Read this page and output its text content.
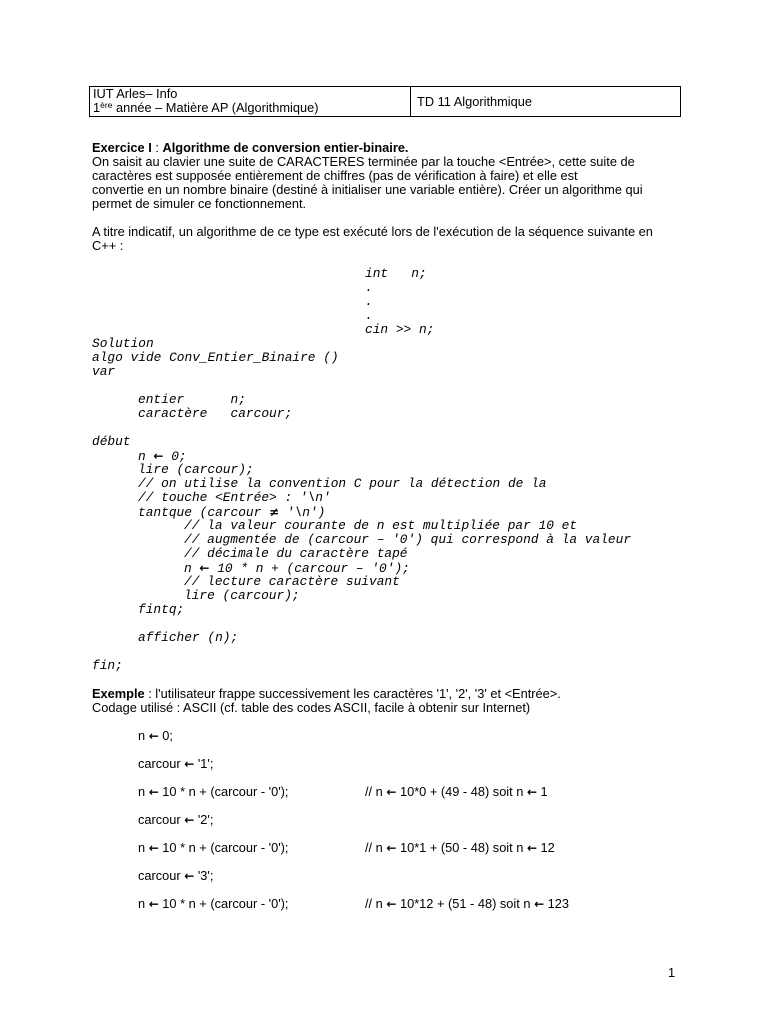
IUT Arles– Info
1ère année – Matière AP (Algorithmique)	TD 11 Algorithmique
Exercice I : Algorithme de conversion entier-binaire.
On saisit au clavier une suite de CARACTERES terminée par la touche <Entrée>, cette suite de
caractères est supposée entièrement de chiffres (pas de vérification à faire) et elle est
convertie en un nombre binaire (destiné à initialiser une variable entière). Créer un algorithme qui
permet de simuler ce fonctionnement.
A titre indicatif, un algorithme de ce type est exécuté lors de l'exécution de la séquence suivante en
C++ :
int   n;
.
.
.
cin >> n;
Solution
algo vide Conv_Entier_Binaire ()
var
entier      n;
caractère   carcour;
début
n ← 0;
lire (carcour);
// on utilise la convention C pour la détection de la
// touche <Entrée> : '\n'
tantque (carcour ≠ '\n')
// la valeur courante de n est multipliée par 10 et
// augmentée de (carcour – '0') qui correspond à la valeur
// décimale du caractère tapé
n ← 10 * n + (carcour – '0');
// lecture caractère suivant
lire (carcour);
fintq;
afficher (n);
fin;
Exemple : l'utilisateur frappe successivement les caractères '1', '2', '3' et <Entrée>.
Codage utilisé : ASCII (cf. table des codes ASCII, facile à obtenir sur Internet)
n ← 0;
carcour ← '1';
n ← 10 * n + (carcour - '0');	// n ← 10*0 + (49 - 48) soit n ← 1
carcour ← '2';
n ← 10 * n + (carcour - '0');	// n ← 10*1 + (50 - 48) soit n ← 12
carcour ← '3';
n ← 10 * n + (carcour - '0');	// n ← 10*12 + (51 - 48) soit n ← 123
1
